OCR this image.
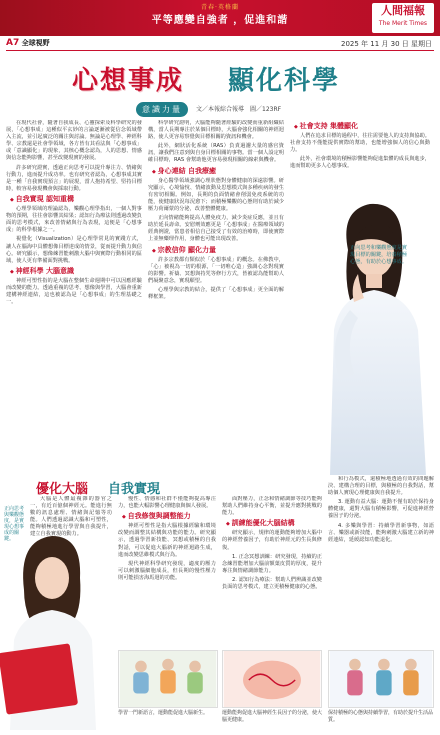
青春·英格蘭
平等應變自強者 ，促進和諧
人間福報
The Merit Times
A7 全球視野	2025 年 11 月 30 日 星期日
心想事成 顯化科學
意識力量	文／本報綜合報導　圖／123RF

在現代社會，隨著自我成長、心靈探索及科學研究的發展，「心想事成」這種似平玄妙的言論逐漸被從信念領域帶入主流，並引起廣泛的關注與討論。無論是心理學、神經科學、宗教還是社會學領域，各方皆有其看法與「心想事成」或「意識顯化」的現象，其核心概念認為，人的思想、情感與信念能夠影響，甚至改變現實的發展。

許多研究證實，透過正向思考可以提升專注力、情緒與行動力，進而提升成功率。也有研究者認為，心想事成其實是一種「自我實現預言」的展現，當人抱持希望、堅持目標時，較容易發現機會與採取行動。

◆ 自我實現 認知重構

心理學領域的理論認為，樂觀心理學指出，一個人對事物的預期，往往會影響其結果；認知行為療法則透過改變負面的思考模式，來改善情緒與行為表現，這便是「心想事成」的科學根據之一。

視覺化（Visualization）是心理學常見的實踐方式，讓人在腦海中具體想像目標達成的情景，從而提升動力與信心。研究顯示，想像練習能刺激大腦中與實際行動相同的區域，使人更有準備面對挑戰。

◆ 神經科學 大腦意識

神經可塑性指的是大腦在整個生命週期中可以因應經驗而改變的能力。透過重複的思考、想像與學習，大腦會重新建構神經連結，這也被認為是「心想事成」的生理基礎之一。

科學研究證明，大腦能夠隨著經驗的改變而重新組織結構，當人長期專注於某個目標時，大腦會強化相關的神經迴路，使人更容易察覺與目標相關的資訊和機會。

此外，網狀活化系統（RAS）負責過濾大量的感官資訊，讓我們注意到與自身目標相關的事物。當一個人設定明確目標時，RAS 會幫助他更容易發現相關的線索與機會。

◆ 身心連結 自我療癒

身心醫學領域強調心理狀態對身體健康的深遠影響。研究顯示，心境愉悅、情緒波動及思想模式與多種疾病的發生有密切相關。例如，長期的負面情緒會削弱免疫系統的功能，使健康狀況每況愈下；而積極樂觀的心態則有助於減少壓力荷爾蒙的分泌，改善整體健康。

正向情緒能夠提高人體免疫力，減少炎症反應，並且有助於延長壽命。安慰劑效應更是「心想事成」在醫療領域的經典例證，當患者相信自己接受了有效的治療時，即使實際上並無藥理作用，身體也可能出現改善。

◆ 宗教信仰 顯化力量

許多宗教都有類似於「心想事成」的概念。在佛教中，「心」被視為一切的根源，「一切唯心造」強調心念對現實的影響。祈禱、冥想與持咒等修行方式，皆被認為能幫助人們凝聚意念，實現願望。

心理學與宗教的結合，提供了「心想事成」更全面的解釋框架。

◆ 社會支持 集體顯化

人們在追求目標的過程中，往往需要他人的支持與協助。社會支持不僅能提供實際的幫助，也能增強個人的信心與動力。

此外，社會環境的積極影響能夠促進集體的成長與進步，進而幫助更多人心想事成。

正向思考和樂觀態度是實現目標的關鍵，培養積極心態，有助於心想事成。
正向思考與樂觀態度，是實現心想事成的關鍵。
優化大腦 自我實現

大腦是人體最複雜的器官之一，有近百億個神經元。能進行無數的訊息處理、情緒與記憶等功能。人們透過認識大腦和可塑性，能夠積極地進行學習與自我提升，建立自我實現的動力。

慢性、情感和社群不僅能夠提高專注力，也能大幅影響心理健康與個人發展。

◆ 自我修復與調整能力

神經可塑性是指大腦根據經驗和環境改變而調整其結構與功能的能力。研究顯示，透過學習新技能、冥想或積極的自我對話，可以促進大腦新的神經迴路生成，進而改變思維模式與行為。

現代神經科學研究發現，適度的壓力可以刺激腦細胞成長，但長期的慢性壓力則可能損害海馬迴的功能。

面對壓力，正念和情緒調節等技巧能夠幫助人們維持身心平衡，並提升應對挑戰的能力。

◆ 訓練能優化大腦結構

研究顯示，規律的運動能夠增加大腦中的神經營養因子，有助於神經元的生長與修復。

1. 正念冥想訓練：研究發現，持續的正念練習能增加大腦前額葉皮質的厚度，提升專注與情緒調節能力。

2. 認知行為療法：幫助人們辨識並改變負面的思考模式，建立更積極健康的心態。

和行為模式，還積極地透過有效的問題解決、建構合理的目標，與積極的自我對話，幫助個人實現心理健康與自我提升。

3. 運動有益大腦：運動不僅有助於保持身體健康，還對大腦有積極影響，可促進神經營養因子的分泌。

4. 多樂與學習：持續學習新事物，如語言、樂器或新技能，能夠刺激大腦建立新的神經連結，延緩認知功能退化。

學習一門新語言，運動能促進大腦新生。	運動能夠促進大腦神經生長因子的分泌，使大腦更健康。
保持積極的心態與持續學習，有助於提升生活品質。
